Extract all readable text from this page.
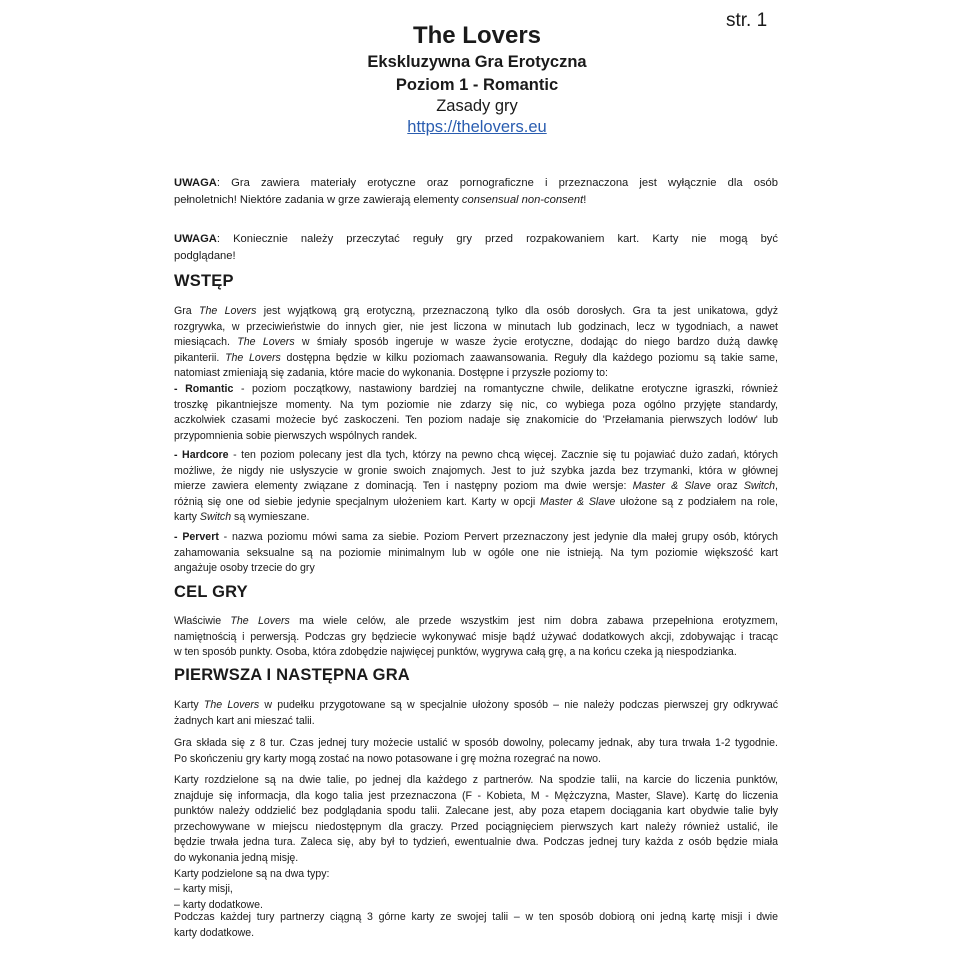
str. 1
The Lovers
Ekskluzywna Gra Erotyczna
Poziom 1 - Romantic
Zasady gry
https://thelovers.eu
UWAGA: Gra zawiera materiały erotyczne oraz pornograficzne i przeznaczona jest wyłącznie dla osób
pełnoletnich! Niektóre zadania w grze zawierają elementy consensual non-consent!
UWAGA: Koniecznie należy przeczytać reguły gry przed rozpakowaniem kart. Karty nie mogą być
podglądane!
WSTĘP
Gra The Lovers jest wyjątkową grą erotyczną, przeznaczoną tylko dla osób dorosłych. Gra ta jest unikatowa, gdyż
rozgrywka, w przeciwieństwie do innych gier, nie jest liczona w minutach lub godzinach, lecz w tygodniach, a nawet
miesiącach. The Lovers w śmiały sposób ingeruje w wasze życie erotyczne, dodając do niego bardzo dużą dawkę
pikanterii. The Lovers dostępna będzie w kilku poziomach zaawansowania. Reguły dla każdego poziomu są takie same,
natomiast zmieniają się zadania, które macie do wykonania. Dostępne i przyszłe poziomy to:
- Romantic - poziom początkowy, nastawiony bardziej na romantyczne chwile, delikatne erotyczne igraszki, również
troszkę pikantniejsze momenty. Na tym poziomie nie zdarzy się nic, co wybiega poza ogólno przyjęte standardy,
aczkolwiek czasami możecie być zaskoczeni. Ten poziom nadaje się znakomicie do 'Przełamania pierwszych lodów' lub
przypomnienia sobie pierwszych wspólnych randek.
- Hardcore - ten poziom polecany jest dla tych, którzy na pewno chcą więcej. Zacznie się tu pojawiać dużo zadań, których
możliwe, że nigdy nie usłyszycie w gronie swoich znajomych. Jest to już szybka jazda bez trzymanki, która w głównej
mierze zawiera elementy związane z dominacją. Ten i następny poziom ma dwie wersje: Master & Slave oraz Switch,
różnią się one od siebie jedynie specjalnym ułożeniem kart. Karty w opcji Master & Slave ułożone są z podziałem na role,
karty Switch są wymieszane.
- Pervert - nazwa poziomu mówi sama za siebie. Poziom Pervert przeznaczony jest jedynie dla małej grupy osób, których
zahamowania seksualne są na poziomie minimalnym lub w ogóle one nie istnieją. Na tym poziomie większość kart
angażuje osoby trzecie do gry
CEL GRY
Właściwie The Lovers ma wiele celów, ale przede wszystkim jest nim dobra zabawa przepełniona erotyzmem,
namiętnością i perwersją. Podczas gry będziecie wykonywać misje bądź używać dodatkowych akcji, zdobywając i tracąc
w ten sposób punkty. Osoba, która zdobędzie najwięcej punktów, wygrywa całą grę, a na końcu czeka ją niespodzianka.
PIERWSZA I NASTĘPNA GRA
Karty The Lovers w pudełku przygotowane są w specjalnie ułożony sposób – nie należy podczas pierwszej gry odkrywać
żadnych kart ani mieszać talii.
Gra składa się z 8 tur. Czas jednej tury możecie ustalić w sposób dowolny, polecamy jednak, aby tura trwała 1-2 tygodnie.
Po skończeniu gry karty mogą zostać na nowo potasowane i grę można rozegrać na nowo.
Karty rozdzielone są na dwie talie, po jednej dla każdego z partnerów. Na spodzie talii, na karcie do liczenia punktów,
znajduje się informacja, dla kogo talia jest przeznaczona (F - Kobieta, M - Mężczyzna, Master, Slave). Kartę do liczenia
punktów należy oddzielić bez podglądania spodu talii. Zalecane jest, aby poza etapem dociągania kart obydwie talie były
przechowywane w miejscu niedostępnym dla graczy. Przed pociągnięciem pierwszych kart należy również ustalić, ile
będzie trwała jedna tura. Zaleca się, aby był to tydzień, ewentualnie dwa. Podczas jednej tury każda z osób będzie miała
do wykonania jedną misję.
Karty podzielone są na dwa typy:
– karty misji,
– karty dodatkowe.
Podczas każdej tury partnerzy ciągną 3 górne karty ze swojej talii – w ten sposób dobiorą oni jedną kartę misji i dwie
karty dodatkowe.
